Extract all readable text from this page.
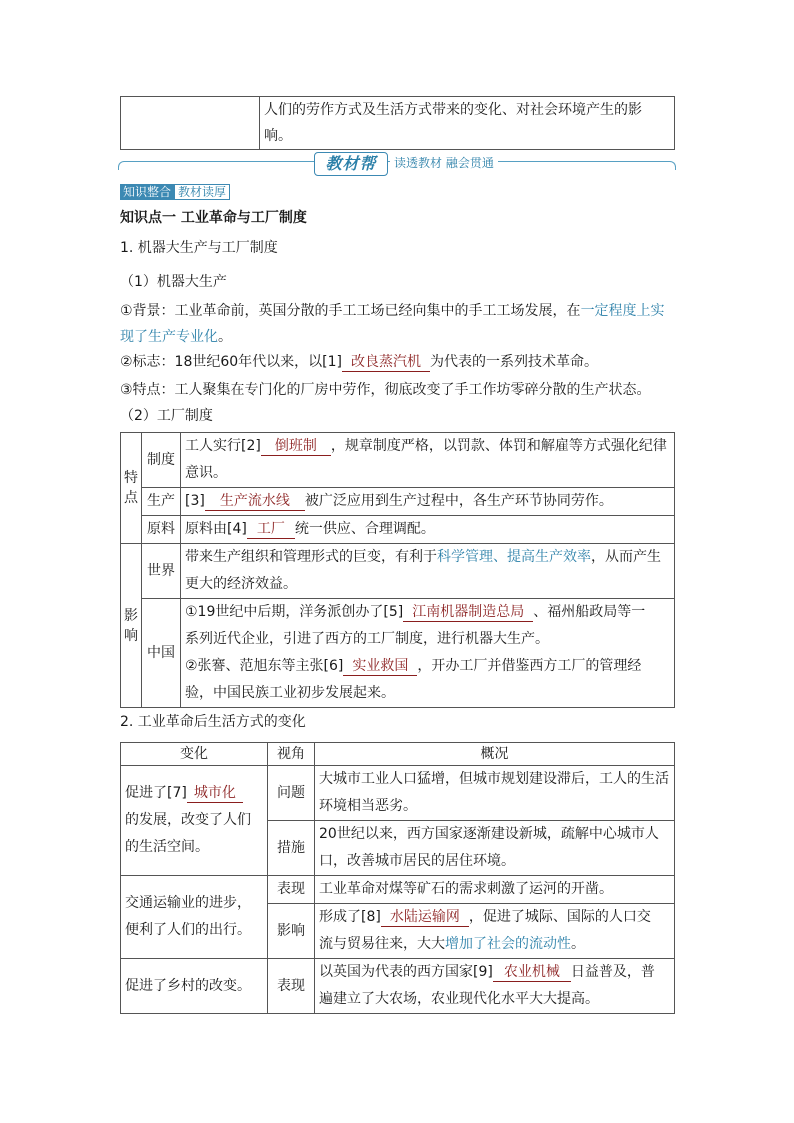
	人们的劳作方式及生活方式带来的变化、对社会环境产生的影
响。
教材帮	读透教材 融会贯通
知识整合 教材读厚
知识点一 工业革命与工厂制度
1. 机器大生产与工厂制度
（1）机器大生产
①背景：工业革命前，英国分散的手工工场已经向集中的手工工场发展，在一定程度上实现了生产专业化。
②标志：18世纪60年代以来，以[1] 改良蒸汽机 为代表的一系列技术革命。
③特点：工人聚集在专门化的厂房中劳作，彻底改变了手工作坊零碎分散的生产状态。
（2）工厂制度
特点	制度	工人实行[2] 倒班制 ，规章制度严格，以罚款、体罚和解雇等方式强化纪律
意识。
	生产	[3] 生产流水线 被广泛应用到生产过程中，各生产环节协同劳作。
	原料	原料由[4] 工厂 统一供应、合理调配。
影响	世界	带来生产组织和管理形式的巨变，有利于科学管理、提高生产效率，从而产生
更大的经济效益。
	中国	①19世纪中后期，洋务派创办了[5] 江南机器制造总局 、福州船政局等一
系列近代企业，引进了西方的工厂制度，进行机器大生产。
②张謇、范旭东等主张[6] 实业救国 ，开办工厂并借鉴西方工厂的管理经
验，中国民族工业初步发展起来。
2. 工业革命后生活方式的变化
变化	视角	概况
促进了[7] 城市化
的发展，改变了人们
的生活空间。	问题	大城市工业人口猛增，但城市规划建设滞后，工人的生活
环境相当恶劣。
	措施	20世纪以来，西方国家逐渐建设新城，疏解中心城市人
口，改善城市居民的居住环境。
交通运输业的进步，
便利了人们的出行。	表现	工业革命对煤等矿石的需求刺激了运河的开凿。
	影响	形成了[8] 水陆运输网 ，促进了城际、国际的人口交
流与贸易往来，大大增加了社会的流动性。
促进了乡村的改变。	表现	以英国为代表的西方国家[9] 农业机械 日益普及，普
遍建立了大农场，农业现代化水平大大提高。
